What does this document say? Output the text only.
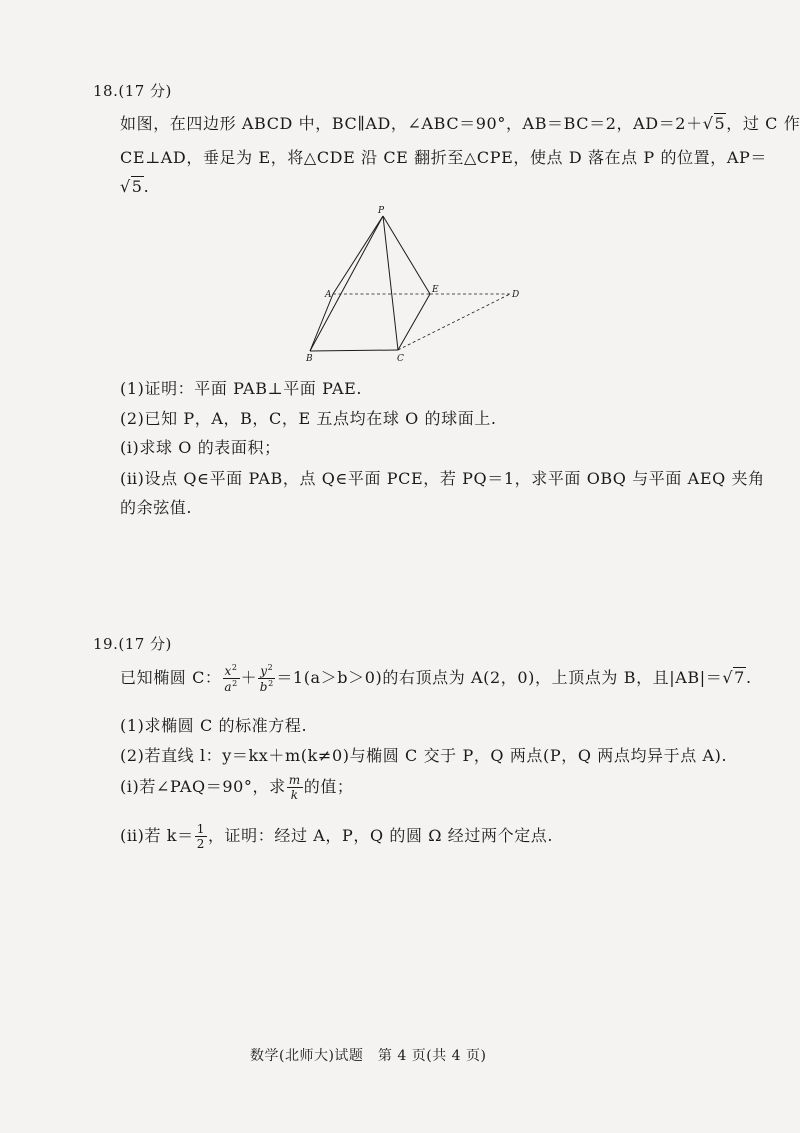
18.(17 分)
如图，在四边形 ABCD 中，BC∥AD，∠ABC＝90°，AB＝BC＝2，AD＝2＋√5，过 C 作
CE⊥AD，垂足为 E，将△CDE 沿 CE 翻折至△CPE，使点 D 落在点 P 的位置，AP＝
√5.
P
A	E	D
B	C
(1)证明：平面 PAB⊥平面 PAE.
(2)已知 P，A，B，C，E 五点均在球 O 的球面上.
(ⅰ)求球 O 的表面积；
(ⅱ)设点 Q∈平面 PAB，点 Q∈平面 PCE，若 PQ＝1，求平面 OBQ 与平面 AEQ 夹角
的余弦值.
19.(17 分)
已知椭圆 C： $\frac{x^2}{a^2} + \frac{y^2}{b^2} =1(a>b>0)$的右顶点为 A(2，0)，上顶点为 B，且|AB|＝√7.
(1)求椭圆 C 的标准方程.
(2)若直线 l：y＝kx＋m(k≠0)与椭圆 C 交于 P，Q 两点(P，Q 两点均异于点 A).
(ⅰ)若∠PAQ＝90°，求 $\frac{m}{k}$ 的值；
(ⅱ)若 $k= \frac{1}{2}$ ，证明：经过 A，P，Q 的圆 Ω 经过两个定点.
数学(北师大)试题　第 4 页(共 4 页)
